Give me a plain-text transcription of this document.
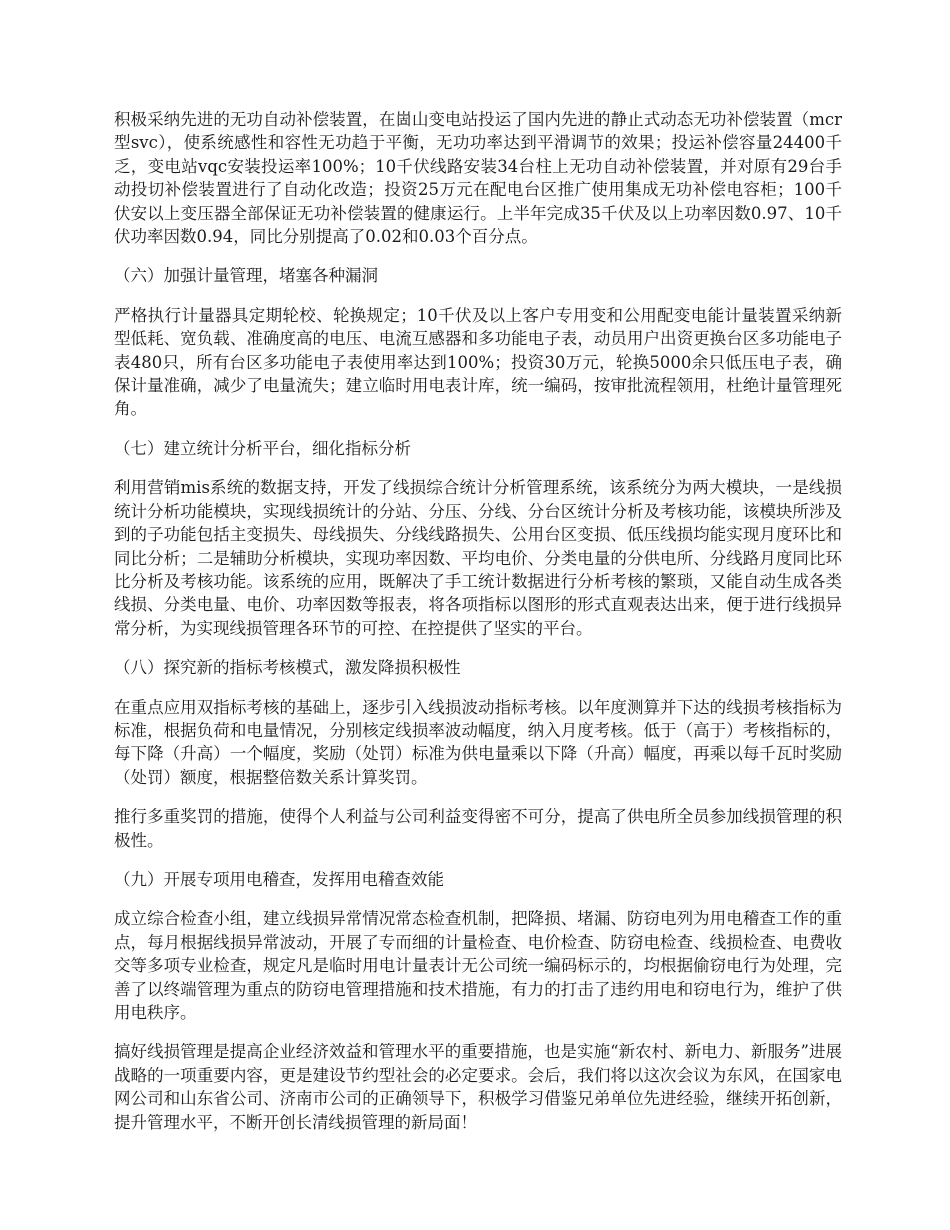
积极采纳先进的无功自动补偿装置，在崮山变电站投运了国内先进的静止式动态无功补偿装置（mcr型svc），使系统感性和容性无功趋于平衡，无功功率达到平滑调节的效果；投运补偿容量24400千乏，变电站vqc安装投运率100%；10千伏线路安装34台柱上无功自动补偿装置，并对原有29台手动投切补偿装置进行了自动化改造；投资25万元在配电台区推广使用集成无功补偿电容柜；100千伏安以上变压器全部保证无功补偿装置的健康运行。上半年完成35千伏及以上功率因数0.97、10千伏功率因数0.94，同比分别提高了0.02和0.03个百分点。

（六）加强计量管理，堵塞各种漏洞

严格执行计量器具定期轮校、轮换规定；10千伏及以上客户专用变和公用配变电能计量装置采纳新型低耗、宽负载、准确度高的电压、电流互感器和多功能电子表，动员用户出资更换台区多功能电子表480只，所有台区多功能电子表使用率达到100%；投资30万元，轮换5000余只低压电子表，确保计量准确，减少了电量流失；建立临时用电表计库，统一编码，按审批流程领用，杜绝计量管理死角。

（七）建立统计分析平台，细化指标分析

利用营销mis系统的数据支持，开发了线损综合统计分析管理系统，该系统分为两大模块，一是线损统计分析功能模块，实现线损统计的分站、分压、分线、分台区统计分析及考核功能，该模块所涉及到的子功能包括主变损失、母线损失、分线线路损失、公用台区变损、低压线损均能实现月度环比和同比分析；二是辅助分析模块，实现功率因数、平均电价、分类电量的分供电所、分线路月度同比环比分析及考核功能。该系统的应用，既解决了手工统计数据进行分析考核的繁琐，又能自动生成各类线损、分类电量、电价、功率因数等报表，将各项指标以图形的形式直观表达出来，便于进行线损异常分析，为实现线损管理各环节的可控、在控提供了坚实的平台。

（八）探究新的指标考核模式，激发降损积极性

在重点应用双指标考核的基础上，逐步引入线损波动指标考核。以年度测算并下达的线损考核指标为标准，根据负荷和电量情况，分别核定线损率波动幅度，纳入月度考核。低于（高于）考核指标的，每下降（升高）一个幅度，奖励（处罚）标准为供电量乘以下降（升高）幅度，再乘以每千瓦时奖励（处罚）额度，根据整倍数关系计算奖罚。

推行多重奖罚的措施，使得个人利益与公司利益变得密不可分，提高了供电所全员参加线损管理的积极性。

（九）开展专项用电稽查，发挥用电稽查效能

成立综合检查小组，建立线损异常情况常态检查机制，把降损、堵漏、防窃电列为用电稽查工作的重点，每月根据线损异常波动，开展了专而细的计量检查、电价检查、防窃电检查、线损检查、电费收交等多项专业检查，规定凡是临时用电计量表计无公司统一编码标示的，均根据偷窃电行为处理，完善了以终端管理为重点的防窃电管理措施和技术措施，有力的打击了违约用电和窃电行为，维护了供用电秩序。

搞好线损管理是提高企业经济效益和管理水平的重要措施，也是实施“新农村、新电力、新服务”进展战略的一项重要内容，更是建设节约型社会的必定要求。会后，我们将以这次会议为东风，在国家电网公司和山东省公司、济南市公司的正确领导下，积极学习借鉴兄弟单位先进经验，继续开拓创新，提升管理水平，不断开创长清线损管理的新局面！
